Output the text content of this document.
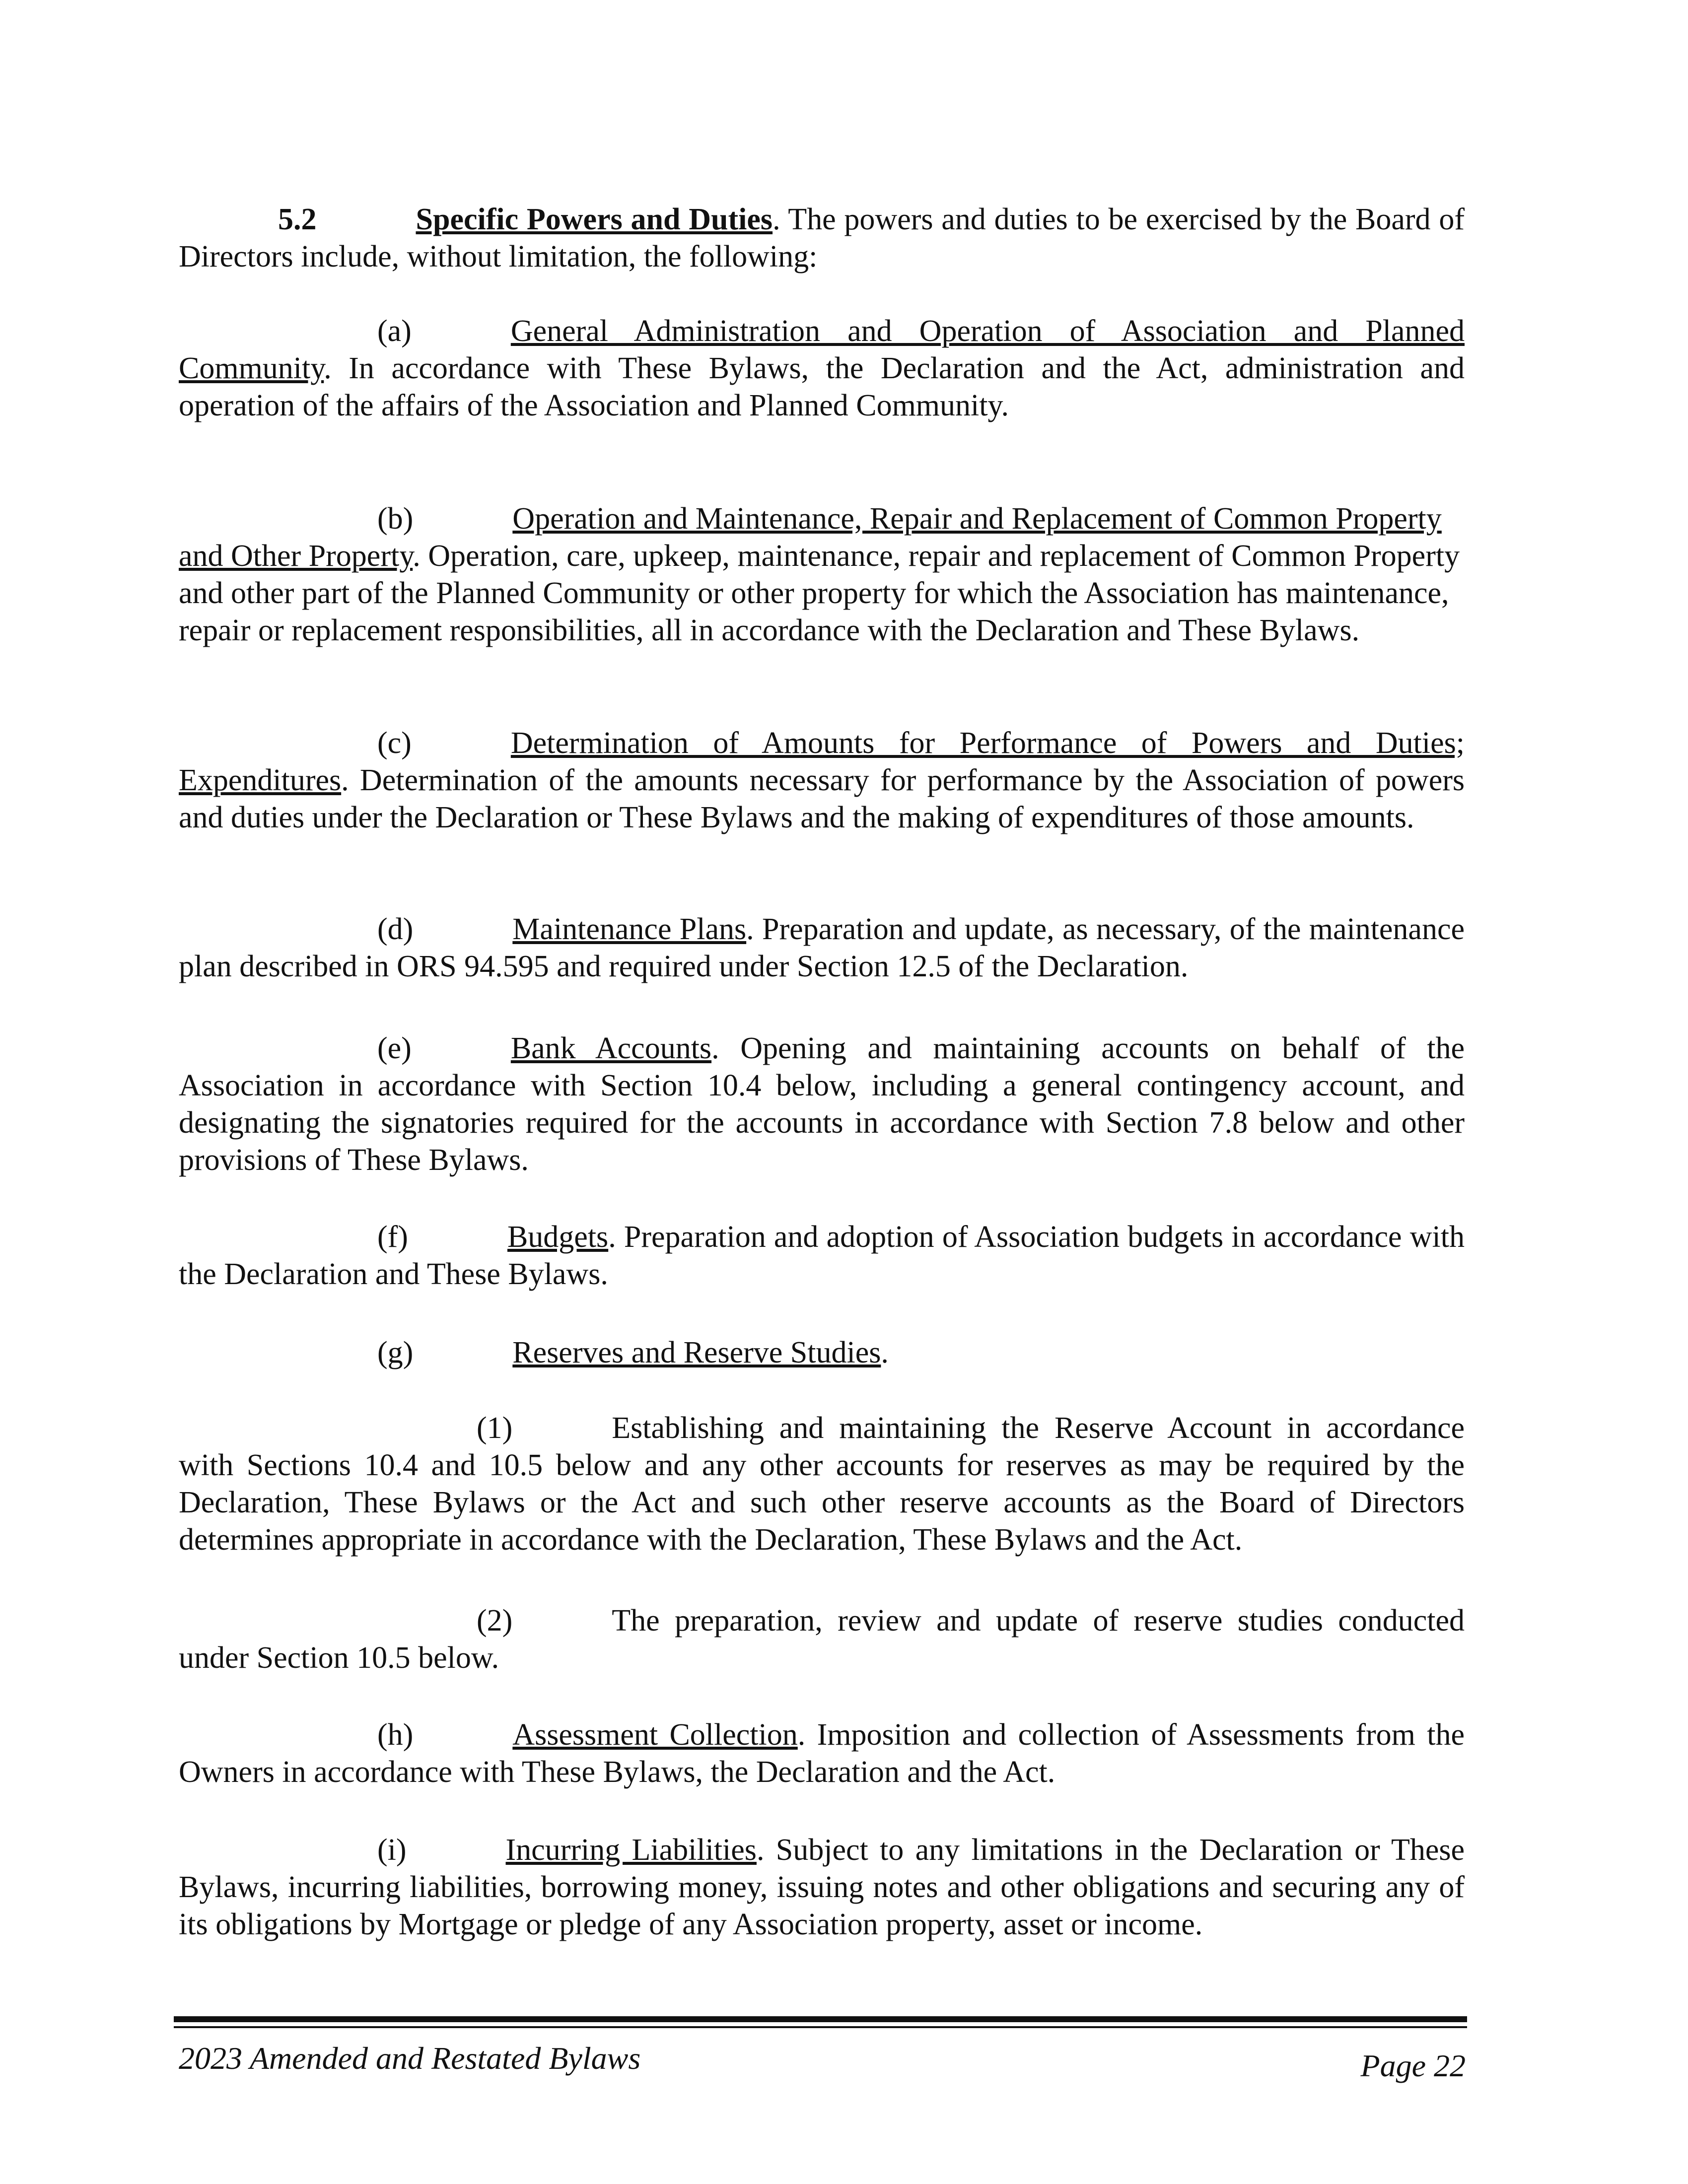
5.2	Specific Powers and Duties. The powers and duties to be exercised by the Board of Directors include, without limitation, the following:

(a)	General Administration and Operation of Association and Planned Community. In accordance with These Bylaws, the Declaration and the Act, administration and operation of the affairs of the Association and Planned Community.

(b)	Operation and Maintenance, Repair and Replacement of Common Property and Other Property. Operation, care, upkeep, maintenance, repair and replacement of Common Property and other part of the Planned Community or other property for which the Association has maintenance, repair or replacement responsibilities, all in accordance with the Declaration and These Bylaws.

(c)	Determination of Amounts for Performance of Powers and Duties; Expenditures. Determination of the amounts necessary for performance by the Association of powers and duties under the Declaration or These Bylaws and the making of expenditures of those amounts.

(d)	Maintenance Plans. Preparation and update, as necessary, of the maintenance plan described in ORS 94.595 and required under Section 12.5 of the Declaration.

(e)	Bank Accounts. Opening and maintaining accounts on behalf of the Association in accordance with Section 10.4 below, including a general contingency account, and designating the signatories required for the accounts in accordance with Section 7.8 below and other provisions of These Bylaws.

(f)	Budgets. Preparation and adoption of Association budgets in accordance with the Declaration and These Bylaws.

(g)	Reserves and Reserve Studies.

(1)	Establishing and maintaining the Reserve Account in accordance with Sections 10.4 and 10.5 below and any other accounts for reserves as may be required by the Declaration, These Bylaws or the Act and such other reserve accounts as the Board of Directors determines appropriate in accordance with the Declaration, These Bylaws and the Act.

(2)	The preparation, review and update of reserve studies conducted under Section 10.5 below.

(h)	Assessment Collection. Imposition and collection of Assessments from the Owners in accordance with These Bylaws, the Declaration and the Act.

(i)	Incurring Liabilities. Subject to any limitations in the Declaration or These Bylaws, incurring liabilities, borrowing money, issuing notes and other obligations and securing any of its obligations by Mortgage or pledge of any Association property, asset or income.

2023 Amended and Restated Bylaws	Page 22
